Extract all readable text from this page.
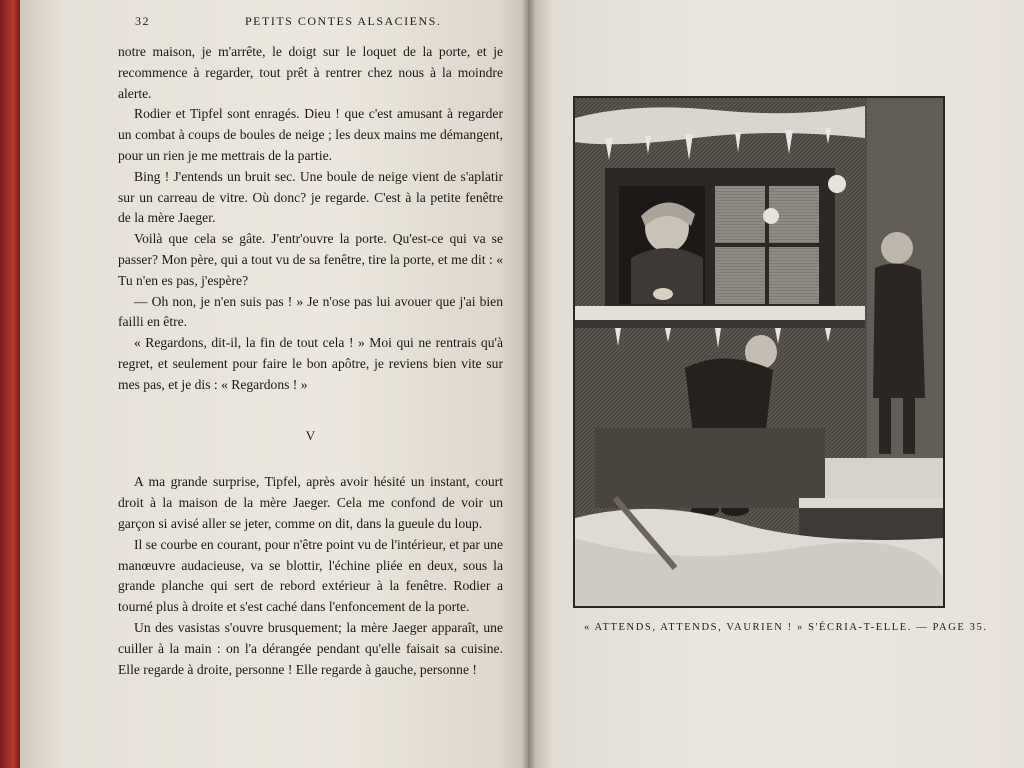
32	PETITS CONTES ALSACIENS.

notre maison, je m'arrête, le doigt sur le loquet de la porte, et je recommence à regarder, tout prêt à rentrer chez nous à la moindre alerte.

Rodier et Tipfel sont enragés. Dieu ! que c'est amusant à regarder un combat à coups de boules de neige ; les deux mains me démangent, pour un rien je me mettrais de la partie.

Bing ! J'entends un bruit sec. Une boule de neige vient de s'aplatir sur un carreau de vitre. Où donc? je regarde. C'est à la petite fenêtre de la mère Jaeger.

Voilà que cela se gâte. J'entr'ouvre la porte. Qu'est-ce qui va se passer? Mon père, qui a tout vu de sa fenêtre, tire la porte, et me dit : « Tu n'en es pas, j'espère?

— Oh non, je n'en suis pas ! » Je n'ose pas lui avouer que j'ai bien failli en être.

« Regardons, dit-il, la fin de tout cela ! » Moi qui ne rentrais qu'à regret, et seulement pour faire le bon apôtre, je reviens bien vite sur mes pas, et je dis : « Regardons ! »

V

A ma grande surprise, Tipfel, après avoir hésité un instant, court droit à la maison de la mère Jaeger. Cela me confond de voir un garçon si avisé aller se jeter, comme on dit, dans la gueule du loup.

Il se courbe en courant, pour n'être point vu de l'intérieur, et par une manœuvre audacieuse, va se blottir, l'échine pliée en deux, sous la grande planche qui sert de rebord extérieur à la fenêtre. Rodier a tourné plus à droite et s'est caché dans l'enfoncement de la porte.

Un des vasistas s'ouvre brusquement; la mère Jaeger apparaît, une cuiller à la main : on l'a dérangée pendant qu'elle faisait sa cuisine. Elle regarde à droite, personne ! Elle regarde à gauche, personne !

« ATTENDS, ATTENDS, VAURIEN ! » S'ÉCRIA-T-ELLE. — PAGE 35.
